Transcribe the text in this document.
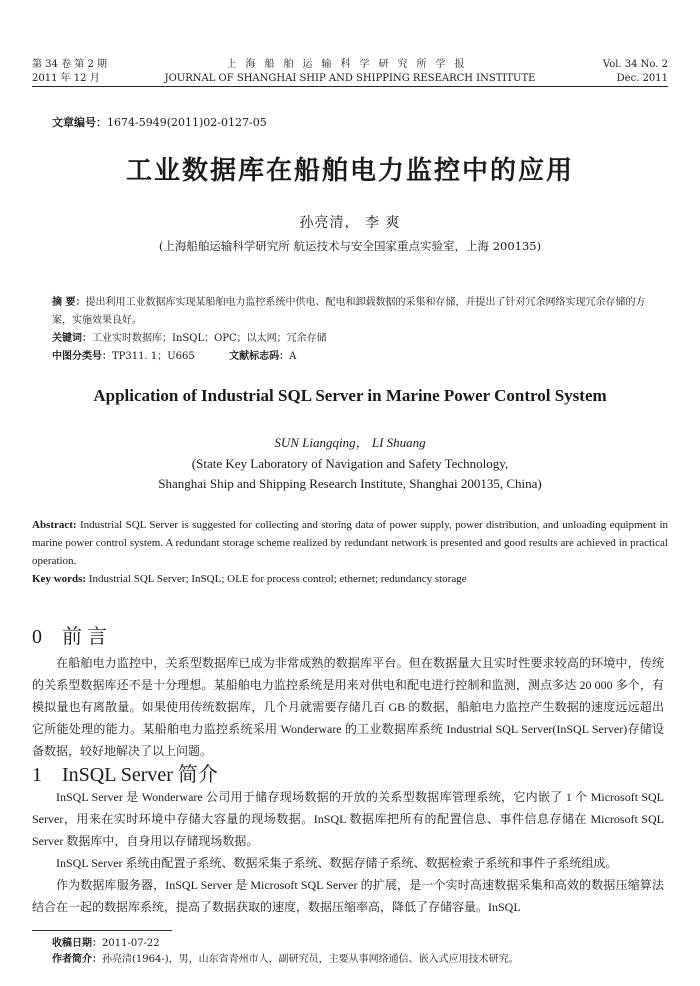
第 34 卷 第 2 期
2011 年 12 月
上海船舶运输科学研究所学报
JOURNAL OF SHANGHAI SHIP AND SHIPPING RESEARCH INSTITUTE
Vol. 34 No. 2
Dec. 2011
文章编号：1674-5949(2011)02-0127-05
工业数据库在船舶电力监控中的应用
孙亮清， 李 爽
(上海船舶运输科学研究所 航运技术与安全国家重点实验室，上海 200135)
摘 要：提出利用工业数据库实现某船舶电力监控系统中供电、配电和卸载数据的采集和存储，并提出了针对冗余网络实现冗余存储的方案，实施效果良好。
关键词：工业实时数据库；InSQL；OPC；以太网；冗余存储
中图分类号：TP311. 1；U665	文献标志码：A
Application of Industrial SQL Server in Marine Power Control System
SUN Liangqing， LI Shuang
(State Key Laboratory of Navigation and Safety Technology,
Shanghai Ship and Shipping Research Institute, Shanghai 200135, China)
Abstract: Industrial SQL Server is suggested for collecting and storing data of power supply, power distribution, and unloading equipment in marine power control system. A redundant storage scheme realized by redundant network is presented and good results are achieved in practical operation.
Key words: Industrial SQL Server; InSQL; OLE for process control; ethernet; redundancy storage
0 前 言

在船舶电力监控中，关系型数据库已成为非常成熟的数据库平台。但在数据量大且实时性要求较高的环境中，传统的关系型数据库还不是十分理想。某船舶电力监控系统是用来对供电和配电进行控制和监测，测点多达 20 000 多个，有模拟量也有离散量。如果使用传统数据库，几个月就需要存储几百 GB 的数据，船舶电力监控产生数据的速度远远超出它所能处理的能力。某船舶电力监控系统采用 Wonderware 的工业数据库系统 Industrial SQL Server(InSQL Server)存储设备数据，较好地解决了以上问题。

1 InSQL Server 简介

InSQL Server 是 Wonderware 公司用于储存现场数据的开放的关系型数据库管理系统，它内嵌了 1 个 Microsoft SQL Server，用来在实时环境中存储大容量的现场数据。InSQL 数据库把所有的配置信息、事件信息存储在 Microsoft SQL Server 数据库中，自身用以存储现场数据。

InSQL Server 系统由配置子系统、数据采集子系统、数据存储子系统、数据检索子系统和事件子系统组成。

作为数据库服务器，InSQL Server 是 Microsoft SQL Server 的扩展，是一个实时高速数据采集和高效的数据压缩算法结合在一起的数据库系统，提高了数据获取的速度，数据压缩率高，降低了存储容量。InSQL

收稿日期：2011-07-22
作者简介：孙亮清(1964-)，男，山东省青州市人，副研究员，主要从事网络通信、嵌入式应用技术研究。
